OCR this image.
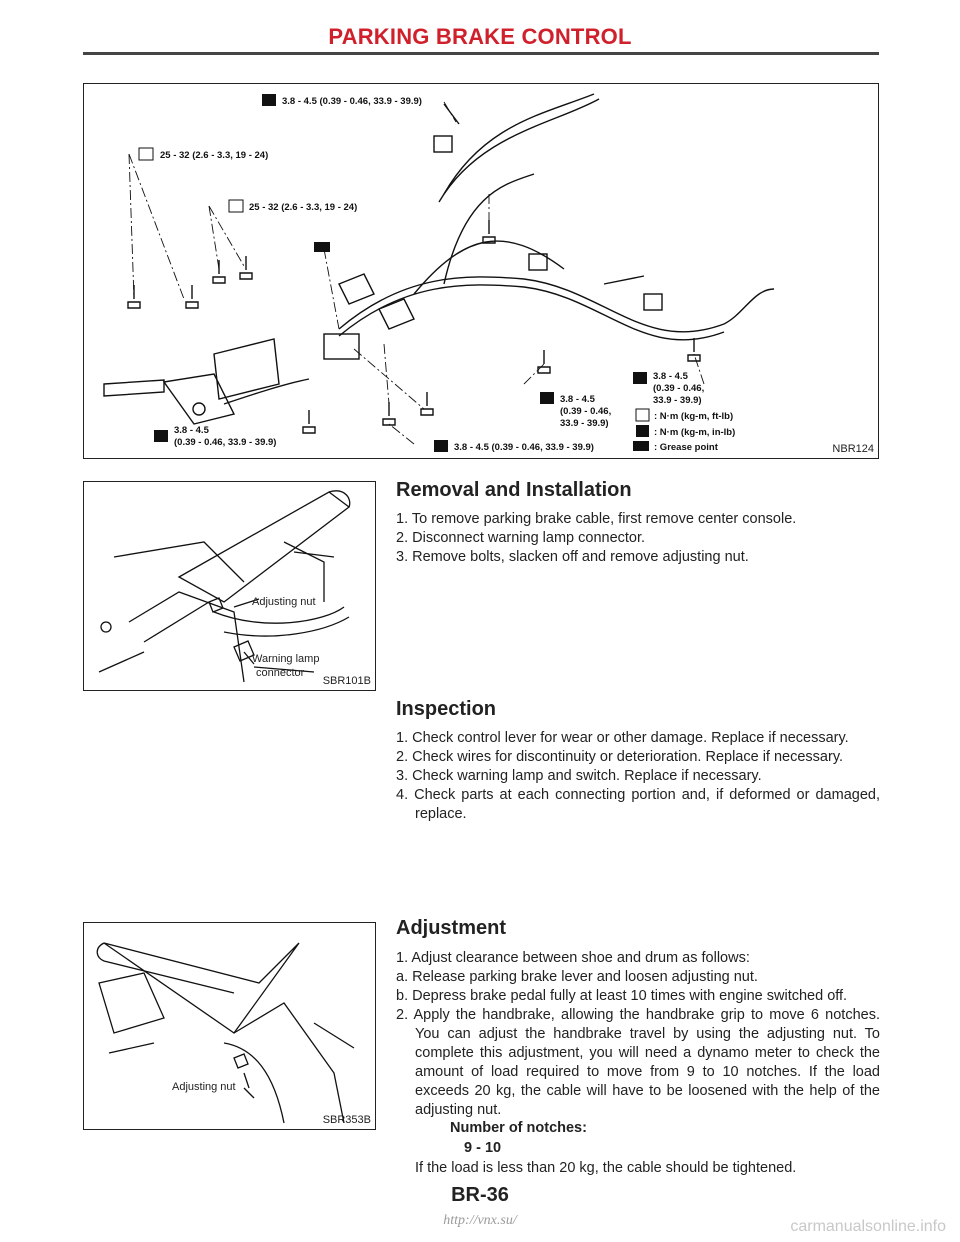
PARKING BRAKE CONTROL
3.8 - 4.5 (0.39 - 0.46, 33.9 - 39.9)
25 - 32 (2.6 - 3.3, 19 - 24)
25 - 32 (2.6 - 3.3, 19 - 24)
3.8 - 4.5
(0.39 - 0.46, 33.9 - 39.9)	3.8 - 4.5 (0.39 - 0.46, 33.9 - 39.9)
3.8 - 4.5
(0.39 - 0.46,
33.9 - 39.9)
3.8 - 4.5
(0.39 - 0.46,
33.9 - 39.9)
: N·m (kg-m, ft-lb)
: N·m (kg-m, in-lb)
: Grease point	NBR124
Adjusting nut
Warning lamp
connector
SBR101B
Adjusting nut
SBR353B
Removal and Installation

1. To remove parking brake cable, first remove center console.

2. Disconnect warning lamp connector.

3. Remove bolts, slacken off and remove adjusting nut.

Inspection

1. Check control lever for wear or other damage. Replace if necessary.

2. Check wires for discontinuity or deterioration. Replace if necessary.

3. Check warning lamp and switch. Replace if necessary.

4. Check parts at each connecting portion and, if deformed or damaged, replace.

Adjustment

1. Adjust clearance between shoe and drum as follows:

a. Release parking brake lever and loosen adjusting nut.

b. Depress brake pedal fully at least 10 times with engine switched off.

2. Apply the handbrake, allowing the handbrake grip to move 6 notches. You can adjust the handbrake travel by using the adjusting nut. To complete this adjustment, you will need a dynamo meter to check the amount of load required to move from 9 to 10 notches. If the load exceeds 20 kg, the cable will have to be loosened with the help of the adjusting nut.

Number of notches:
9 - 10

If the load is less than 20 kg, the cable should be tightened.

BR-36
http://vnx.su/	carmanualsonline.info
